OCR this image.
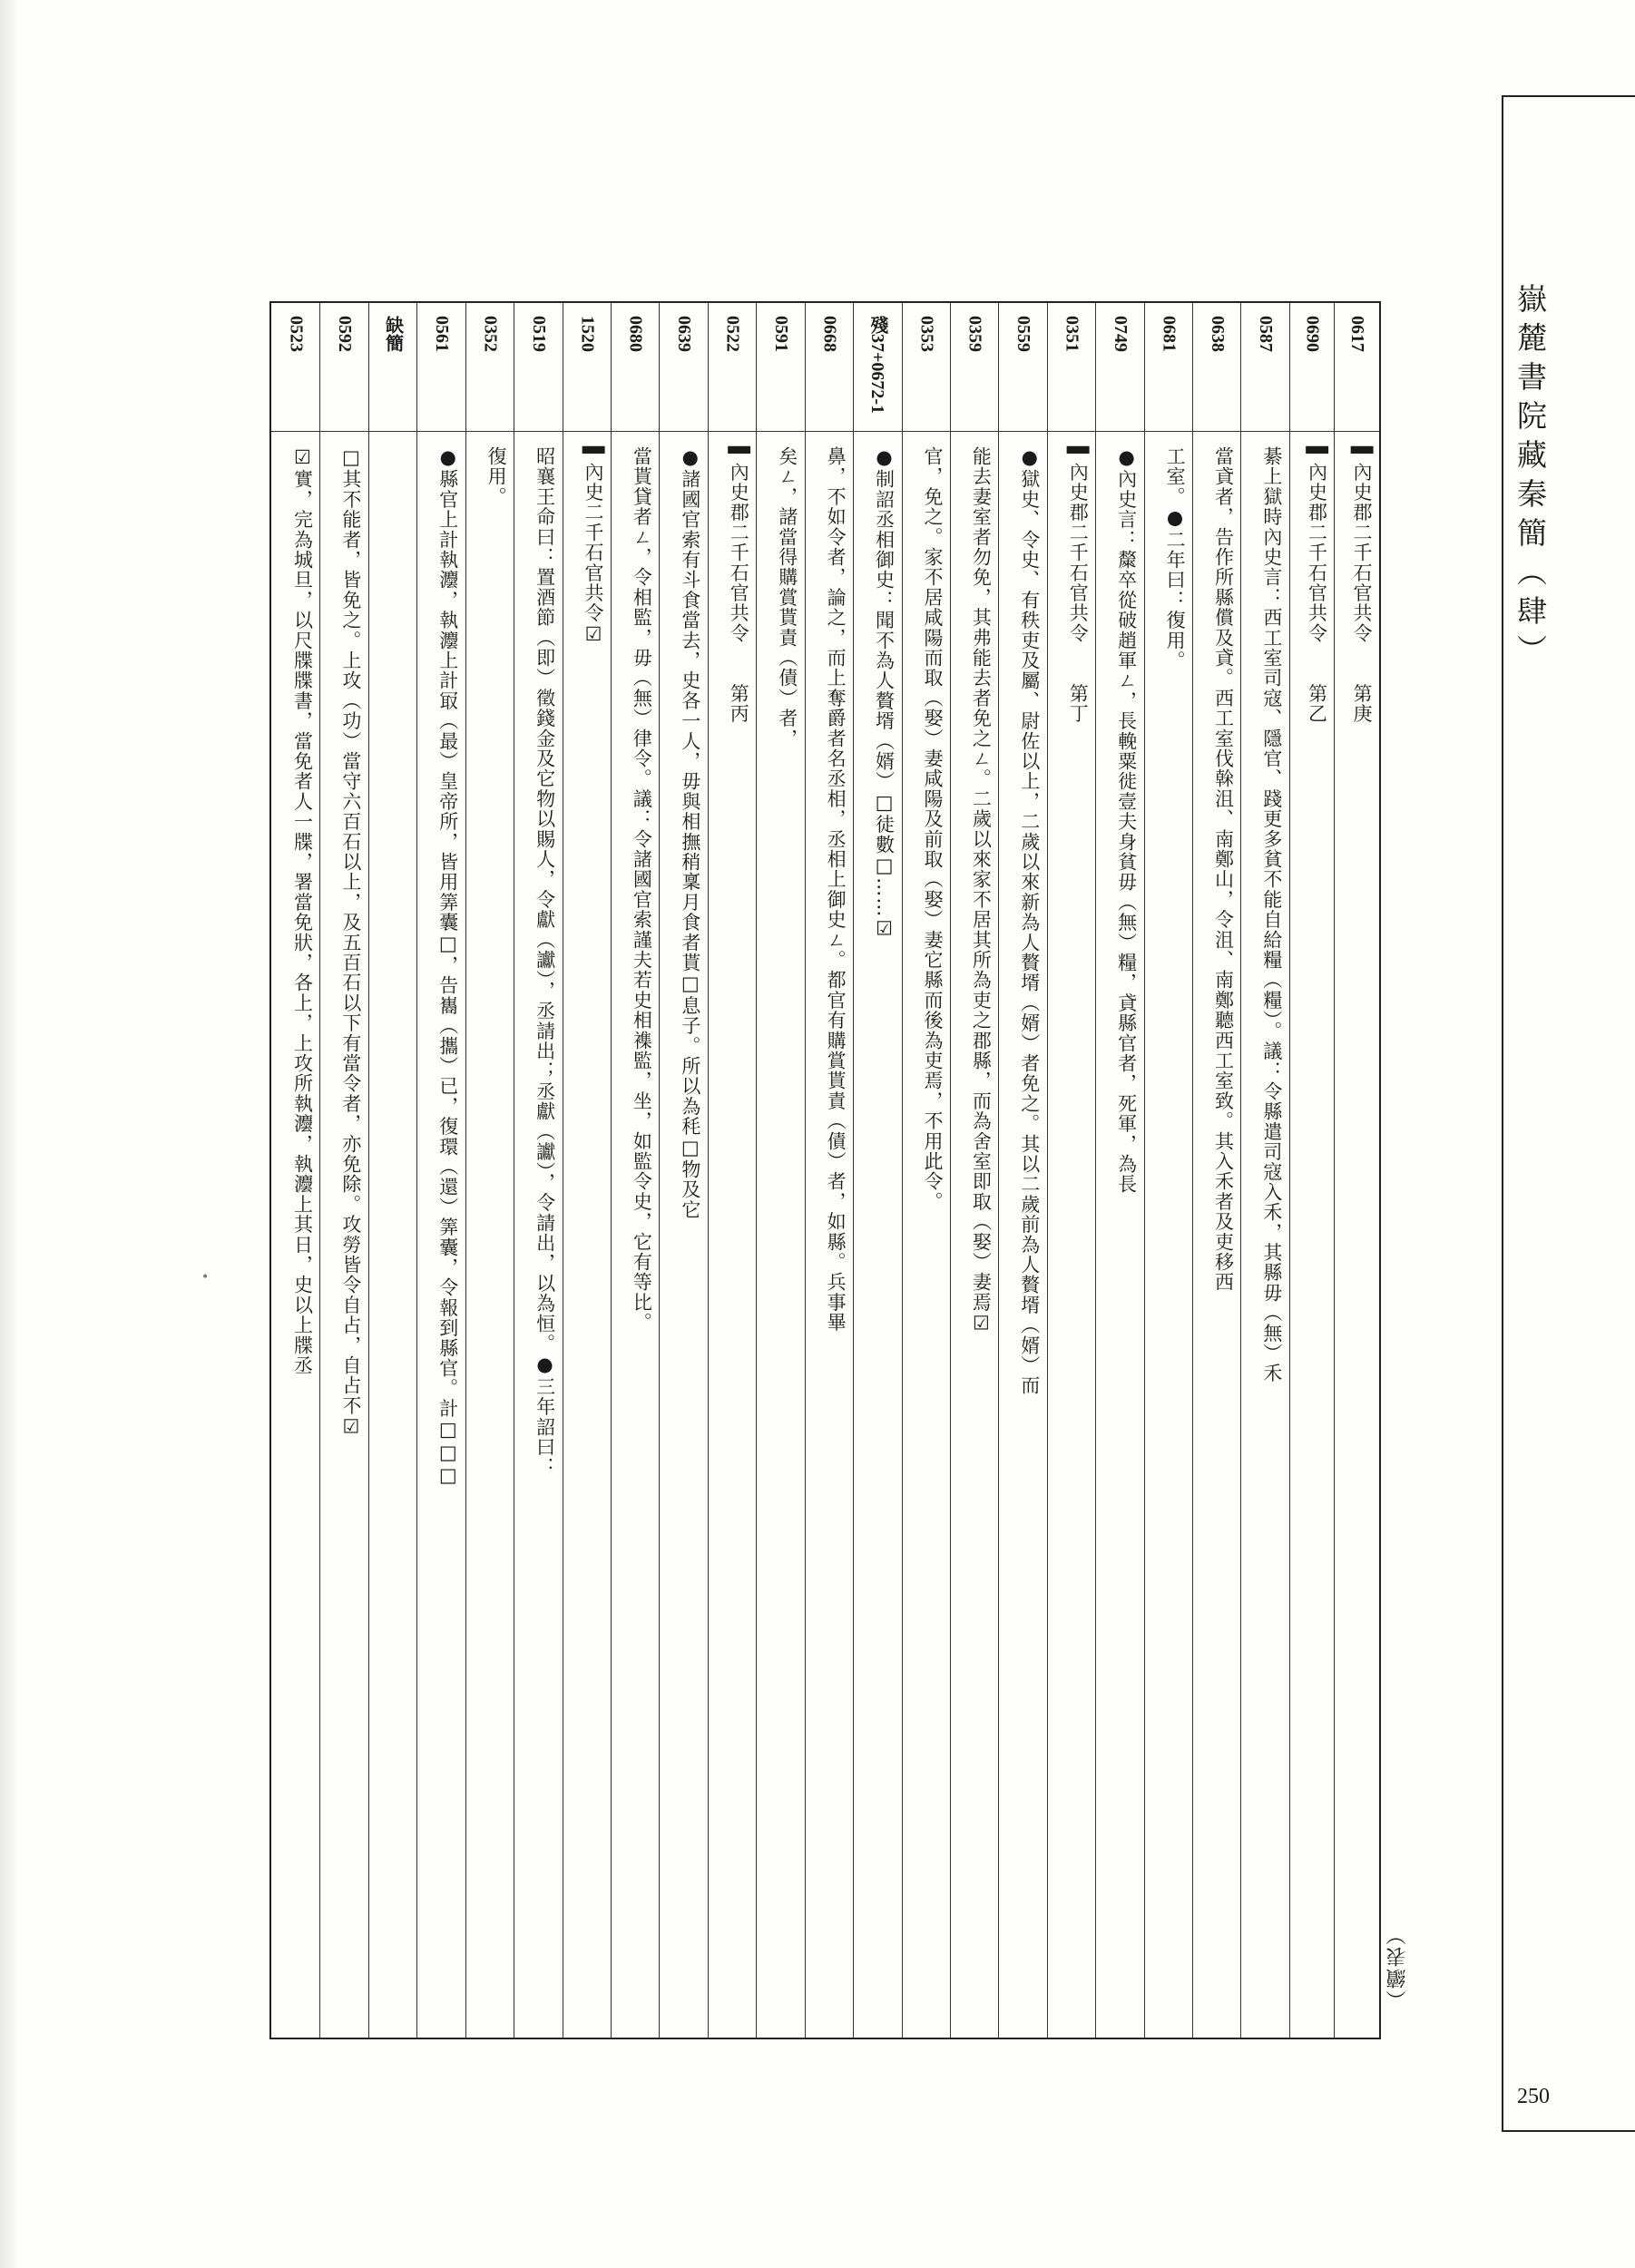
嶽麓書院藏秦簡（肆）
250
（續表）
0617
▌內史郡二千石官共令　　第庚
0690
▌內史郡二千石官共令　　第乙
0587
綦上獄時內史言：西工室司寇、隱官、踐更多貧不能自給糧（糧）。議：令縣遣司寇入禾，其縣毋（無）禾
0638
當貣者，告作所縣償及貣。西工室伐榦沮、南鄭山，令沮、南鄭聽西工室致。其入禾者及吏移西
0681
工室。●二年曰：復用。
0749
●內史言：斄卒從破趙軍ㄥ，長輓粟徙壹夫身貧毋（無）糧，貣縣官者，死軍，為長
0351
▌內史郡二千石官共令　　第丁
0559
●獄史、令史、有秩吏及屬、尉佐以上，二歲以來新為人贅壻（婿）者免之。其以二歲前為人贅壻（婿）而
0359
能去妻室者勿免，其弗能去者免之ㄥ。二歲以來家不居其所為吏之郡縣，而為舍室即取（娶）妻焉☑
0353
官，免之。家不居咸陽而取（娶）妻咸陽及前取（娶）妻它縣而後為吏焉，不用此令。
殘37+0672-1
●制詔丞相御史：聞不為人贅壻（婿）□徒數□……☑
0668
鼻，不如令者，論之，而上奪爵者名丞相，丞相上御史ㄥ。都官有購賞貰責（債）者，如縣。兵事畢
0591
矣ㄥ，諸當得購賞貰責（債）者，
0522
▌內史郡二千石官共令　　第丙
0639
●諸國官索有斗食當去，史各一人，毋與相撫稍稟月食者貰□息子。所以為秏□物及它
0680
當貰貸者ㄥ，令相監，毋（無）律令。議：令諸國官索謹夫若史相襍監，坐，如監令史，它有等比。
1520
▌內史二千石官共令☑
0519
昭襄王命曰：置酒節（即）徵錢金及它物以賜人，令獻（讞），丞請出；丞獻（讞），令請出，以為恒。●三年詔曰：
0352
復用。
0561
●縣官上計執灋，執灋上計冣（最）皇帝所，皆用筭囊□，告巂（攜）已，復環（還）筭囊，令報到縣官。計□□□
缺簡
0592
□其不能者，皆免之。上攻（功）當守六百石以上，及五百石以下有當令者，亦免除。攻勞皆令自占，自占不☑
0523
☑實，完為城旦，以尺牒牒書，當免者人一牒，署當免狀，各上，上攻所執灋，執灋上其日，史以上牒丞
•
